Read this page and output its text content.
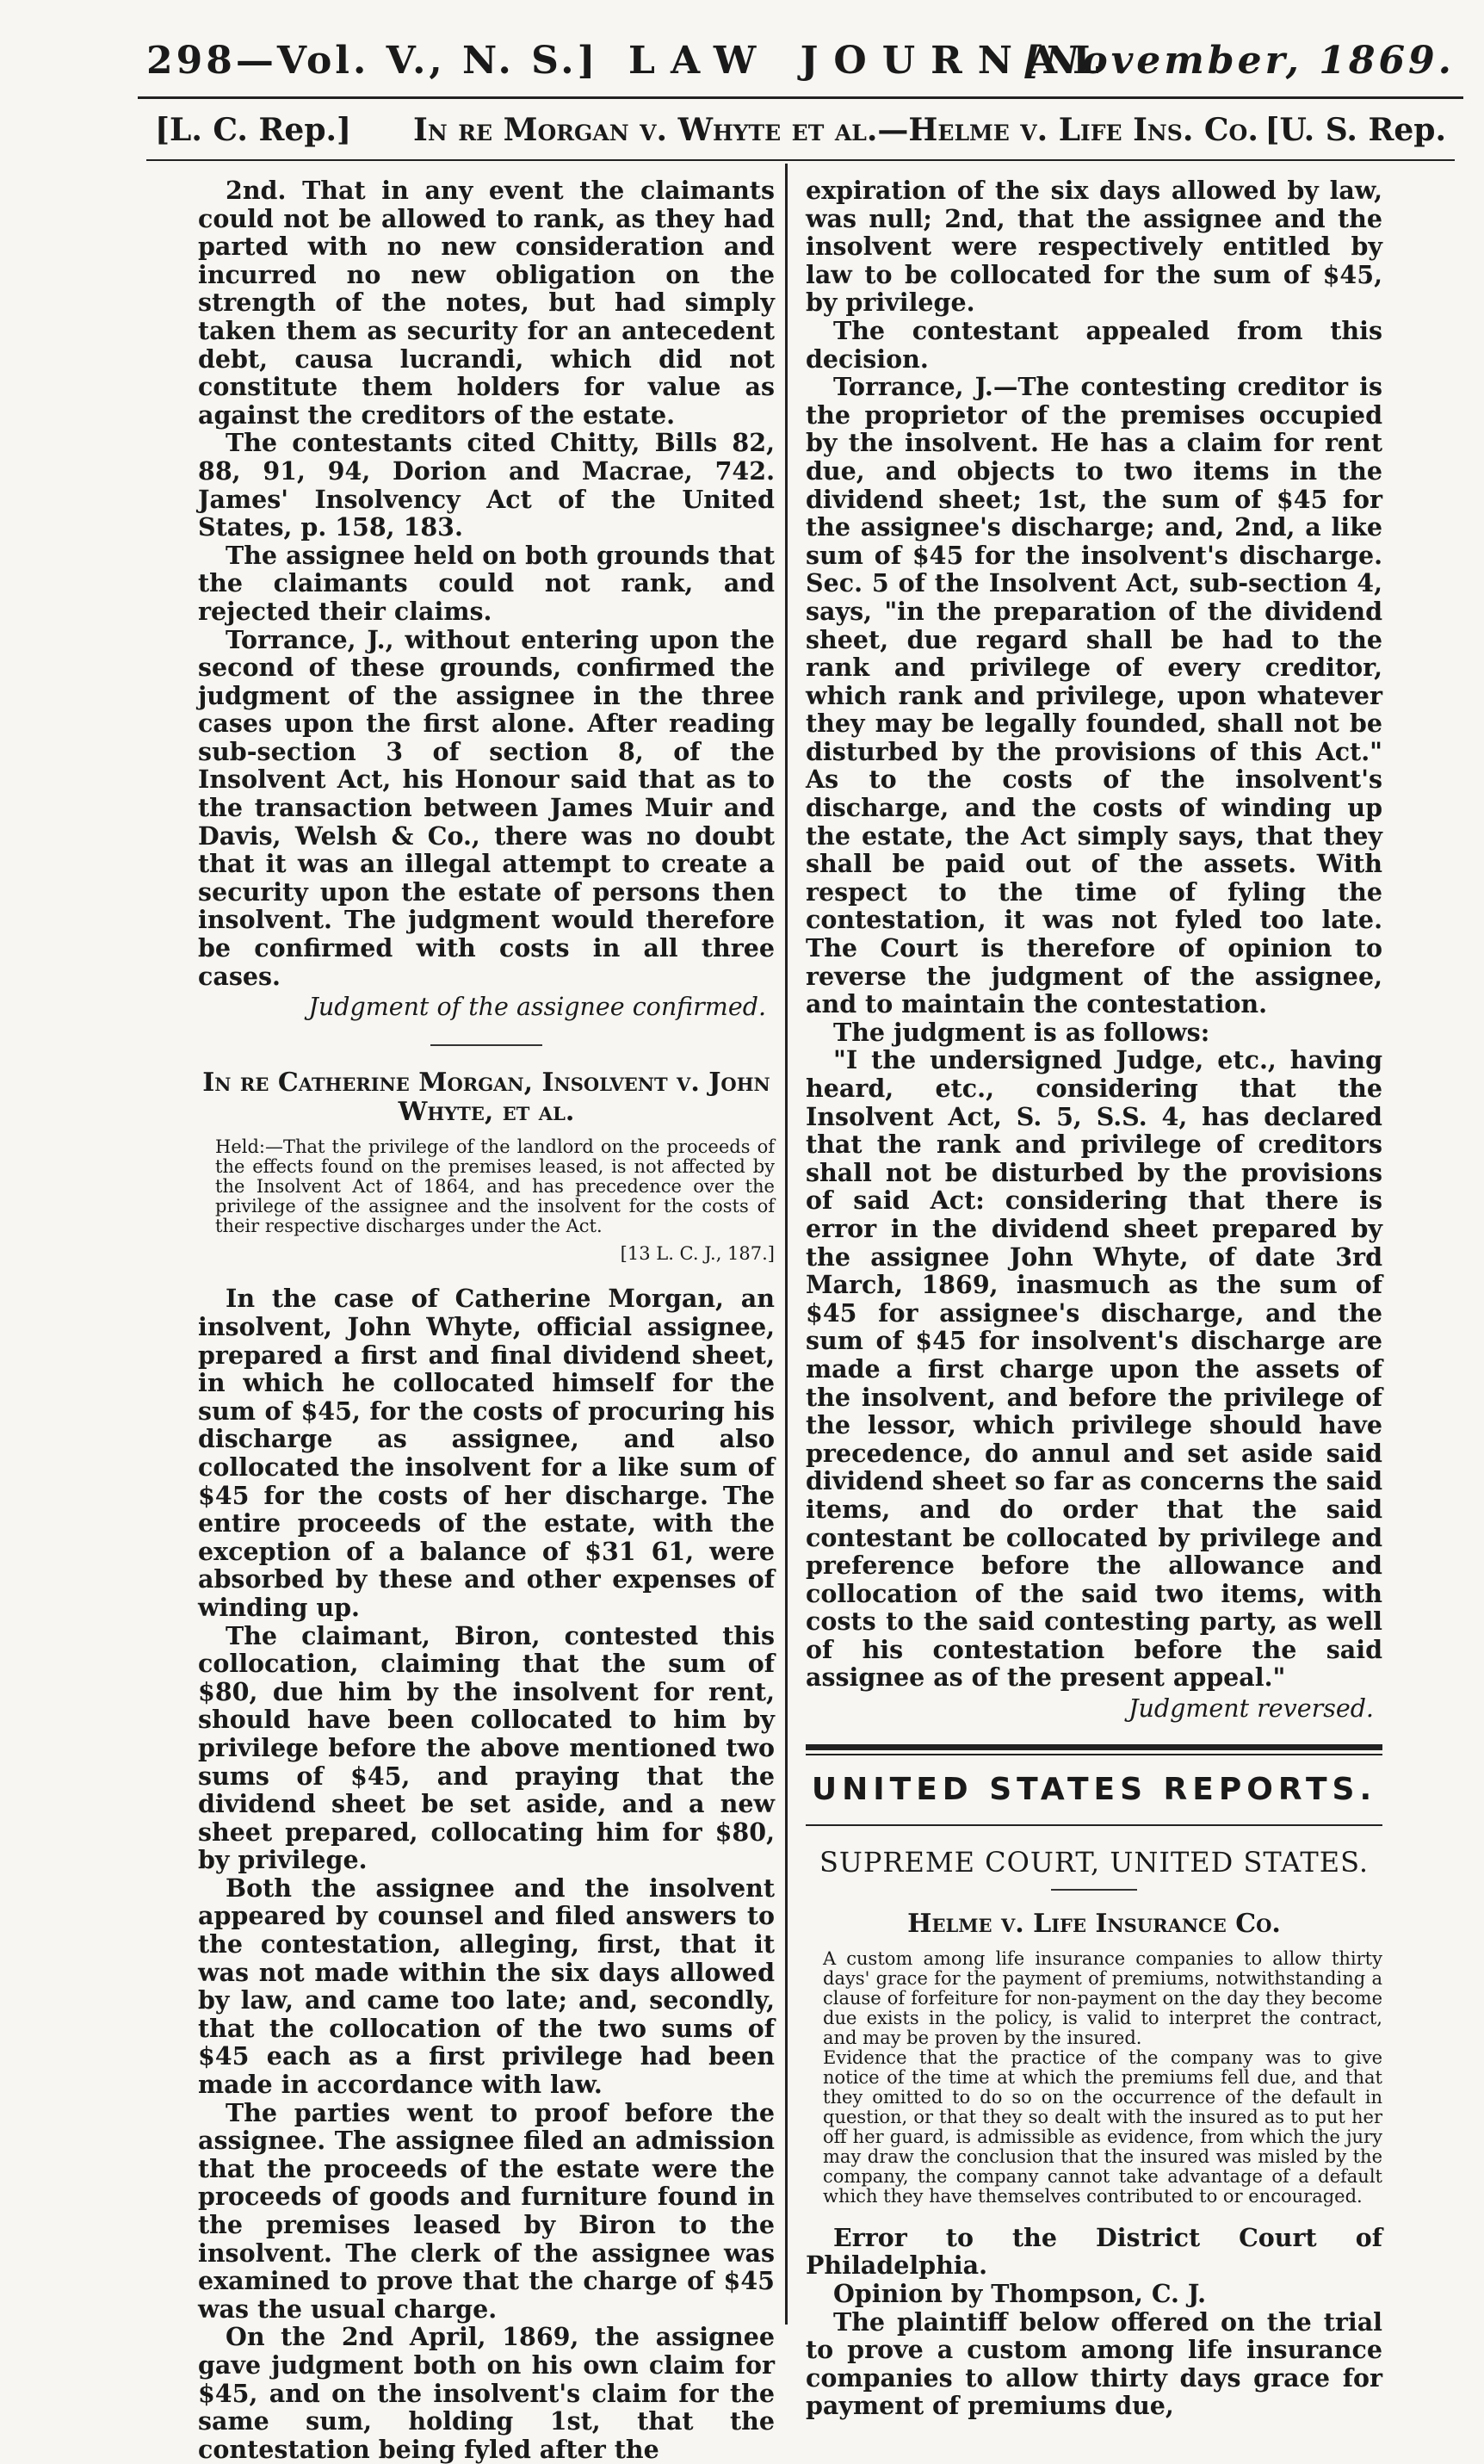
298—Vol. V., N. S.] LAW JOURNAL.
[November, 1869.
[L. C. Rep.] In re Morgan v. Whyte et al.—Helme v. Life Ins. Co. [U. S. Rep.

2nd. That in any event the claimants could not be allowed to rank, as they had parted with no new consideration and incurred no new obligation on the strength of the notes, but had simply taken them as security for an antecedent debt, causa lucrandi, which did not constitute them holders for value as against the creditors of the estate.

The contestants cited Chitty, Bills 82, 88, 91, 94, Dorion and Macrae, 742. James' Insolvency Act of the United States, p. 158, 183.

The assignee held on both grounds that the claimants could not rank, and rejected their claims.

Torrance, J., without entering upon the second of these grounds, confirmed the judgment of the assignee in the three cases upon the first alone. After reading sub-section 3 of section 8, of the Insolvent Act, his Honour said that as to the transaction between James Muir and Davis, Welsh & Co., there was no doubt that it was an illegal attempt to create a security upon the estate of persons then insolvent. The judgment would therefore be confirmed with costs in all three cases.

Judgment of the assignee confirmed.

In re Catherine Morgan, Insolvent v. John Whyte, et al.

Held:—That the privilege of the landlord on the proceeds of the effects found on the premises leased, is not affected by the Insolvent Act of 1864, and has precedence over the privilege of the assignee and the insolvent for the costs of their respective discharges under the Act.
[13 L. C. J., 187.]

In the case of Catherine Morgan, an insolvent, John Whyte, official assignee, prepared a first and final dividend sheet, in which he collocated himself for the sum of $45, for the costs of procuring his discharge as assignee, and also collocated the insolvent for a like sum of $45 for the costs of her discharge. The entire proceeds of the estate, with the exception of a balance of $31 61, were absorbed by these and other expenses of winding up.

The claimant, Biron, contested this collocation, claiming that the sum of $80, due him by the insolvent for rent, should have been collocated to him by privilege before the above mentioned two sums of $45, and praying that the dividend sheet be set aside, and a new sheet prepared, collocating him for $80, by privilege.

Both the assignee and the insolvent appeared by counsel and filed answers to the contestation, alleging, first, that it was not made within the six days allowed by law, and came too late; and, secondly, that the collocation of the two sums of $45 each as a first privilege had been made in accordance with law.

The parties went to proof before the assignee. The assignee filed an admission that the proceeds of the estate were the proceeds of goods and furniture found in the premises leased by Biron to the insolvent. The clerk of the assignee was examined to prove that the charge of $45 was the usual charge.

On the 2nd April, 1869, the assignee gave judgment both on his own claim for $45, and on the insolvent's claim for the same sum, holding 1st, that the contestation being fyled after the

expiration of the six days allowed by law, was null; 2nd, that the assignee and the insolvent were respectively entitled by law to be collocated for the sum of $45, by privilege.

The contestant appealed from this decision.

Torrance, J.—The contesting creditor is the proprietor of the premises occupied by the insolvent. He has a claim for rent due, and objects to two items in the dividend sheet; 1st, the sum of $45 for the assignee's discharge; and, 2nd, a like sum of $45 for the insolvent's discharge. Sec. 5 of the Insolvent Act, sub-section 4, says, "in the preparation of the dividend sheet, due regard shall be had to the rank and privilege of every creditor, which rank and privilege, upon whatever they may be legally founded, shall not be disturbed by the provisions of this Act." As to the costs of the insolvent's discharge, and the costs of winding up the estate, the Act simply says, that they shall be paid out of the assets. With respect to the time of fyling the contestation, it was not fyled too late. The Court is therefore of opinion to reverse the judgment of the assignee, and to maintain the contestation.

The judgment is as follows:

"I the undersigned Judge, etc., having heard, etc., considering that the Insolvent Act, S. 5, S.S. 4, has declared that the rank and privilege of creditors shall not be disturbed by the provisions of said Act: considering that there is error in the dividend sheet prepared by the assignee John Whyte, of date 3rd March, 1869, inasmuch as the sum of $45 for assignee's discharge, and the sum of $45 for insolvent's discharge are made a first charge upon the assets of the insolvent, and before the privilege of the lessor, which privilege should have precedence, do annul and set aside said dividend sheet so far as concerns the said items, and do order that the said contestant be collocated by privilege and preference before the allowance and collocation of the said two items, with costs to the said contesting party, as well of his contestation before the said assignee as of the present appeal."

Judgment reversed.

UNITED STATES REPORTS.

SUPREME COURT, UNITED STATES.

Helme v. Life Insurance Co.

A custom among life insurance companies to allow thirty days' grace for the payment of premiums, notwithstanding a clause of forfeiture for non-payment on the day they become due exists in the policy, is valid to interpret the contract, and may be proven by the insured.
Evidence that the practice of the company was to give notice of the time at which the premiums fell due, and that they omitted to do so on the occurrence of the default in question, or that they so dealt with the insured as to put her off her guard, is admissible as evidence, from which the jury may draw the conclusion that the insured was misled by the company, the company cannot take advantage of a default which they have themselves contributed to or encouraged.

Error to the District Court of Philadelphia.

Opinion by Thompson, C. J.

The plaintiff below offered on the trial to prove a custom among life insurance companies to allow thirty days grace for payment of premiums due,
